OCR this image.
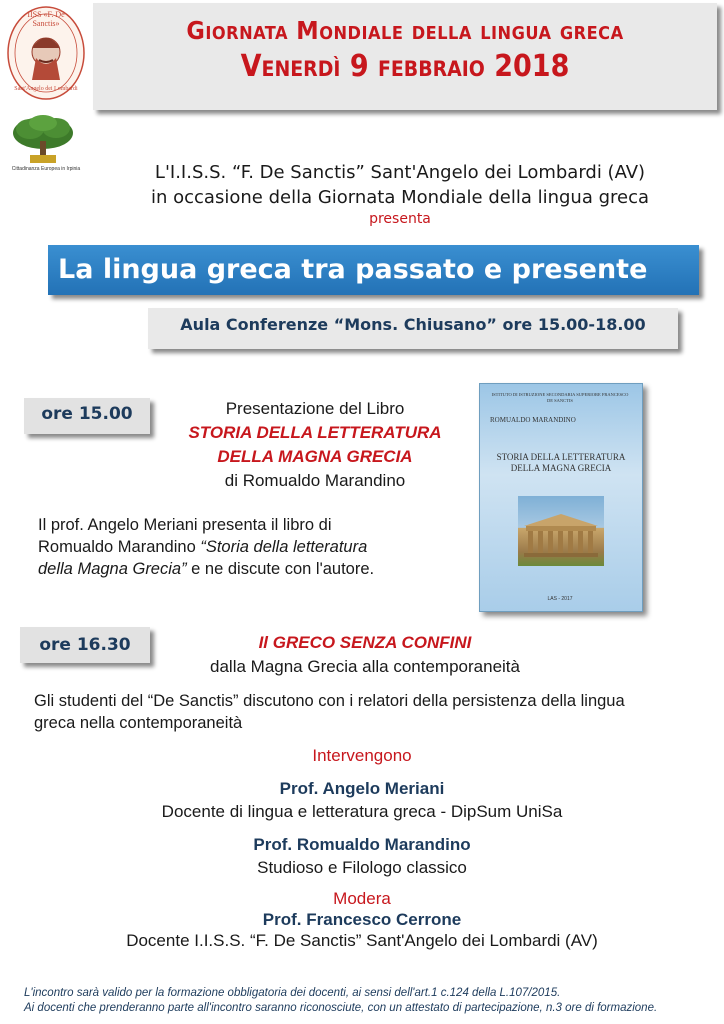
IISS «F. De Sanctis»
Sant'Angelo dei Lombardi
Cittadinanza Europea in Irpinia
Giornata Mondiale della lingua greca
Venerdì 9 febbraio 2018
L'I.I.S.S. “F. De Sanctis” Sant'Angelo dei Lombardi (AV)
in occasione della Giornata Mondiale della lingua greca
presenta
La lingua greca tra passato e presente
Aula Conferenze “Mons. Chiusano” ore 15.00-18.00
ore 15.00	Presentazione del Libro
STORIA DELLA LETTERATURA
DELLA MAGNA GRECIA
di Romualdo Marandino
Il prof. Angelo Meriani presenta il libro di
Romualdo Marandino “Storia della letteratura
della Magna Grecia” e ne discute con l'autore.
ISTITUTO DI ISTRUZIONE SECONDARIA SUPERIORE FRANCESCO DE SANCTIS
ROMUALDO MARANDINO
STORIA DELLA LETTERATURA DELLA MAGNA GRECIA
LAS - 2017
ore 16.30	Il GRECO SENZA CONFINI
dalla Magna Grecia alla contemporaneità
Gli studenti del “De Sanctis” discutono con i relatori della persistenza della lingua
greca nella contemporaneità
Intervengono
Prof. Angelo Meriani
Docente di lingua e letteratura greca - DipSum UniSa
Prof. Romualdo Marandino
Studioso e Filologo classico
Modera
Prof. Francesco Cerrone
Docente I.I.S.S. “F. De Sanctis” Sant'Angelo dei Lombardi (AV)
L'incontro sarà valido per la formazione obbligatoria dei docenti, ai sensi dell'art.1 c.124 della L.107/2015.
Ai docenti che prenderanno parte all'incontro saranno riconosciute, con un attestato di partecipazione, n.3 ore di formazione.
